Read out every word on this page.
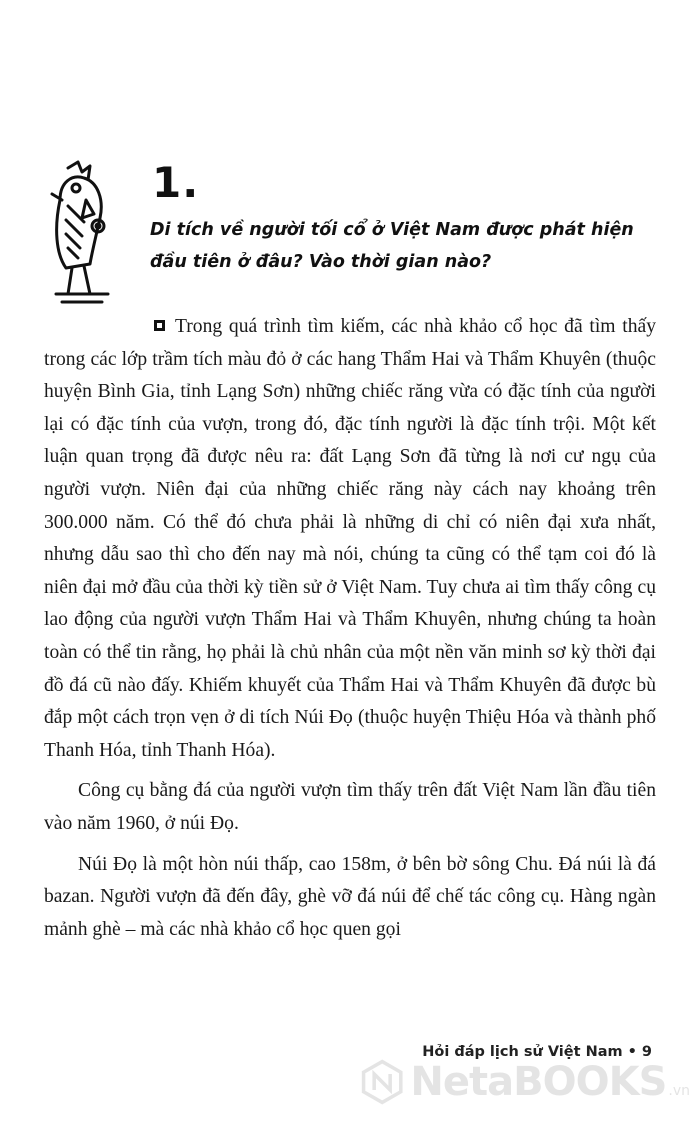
1.
Di tích về người tối cổ ở Việt Nam được phát hiện đầu tiên ở đâu? Vào thời gian nào?

Trong quá trình tìm kiếm, các nhà khảo cổ học đã tìm thấy trong các lớp trầm tích màu đỏ ở các hang Thẩm Hai và Thẩm Khuyên (thuộc huyện Bình Gia, tỉnh Lạng Sơn) những chiếc răng vừa có đặc tính của người lại có đặc tính của vượn, trong đó, đặc tính người là đặc tính trội. Một kết luận quan trọng đã được nêu ra: đất Lạng Sơn đã từng là nơi cư ngụ của người vượn. Niên đại của những chiếc răng này cách nay khoảng trên 300.000 năm. Có thể đó chưa phải là những di chỉ có niên đại xưa nhất, nhưng dẫu sao thì cho đến nay mà nói, chúng ta cũng có thể tạm coi đó là niên đại mở đầu của thời kỳ tiền sử ở Việt Nam. Tuy chưa ai tìm thấy công cụ lao động của người vượn Thẩm Hai và Thẩm Khuyên, nhưng chúng ta hoàn toàn có thể tin rằng, họ phải là chủ nhân của một nền văn minh sơ kỳ thời đại đồ đá cũ nào đấy. Khiếm khuyết của Thẩm Hai và Thẩm Khuyên đã được bù đắp một cách trọn vẹn ở di tích Núi Đọ (thuộc huyện Thiệu Hóa và thành phố Thanh Hóa, tỉnh Thanh Hóa).

Công cụ bằng đá của người vượn tìm thấy trên đất Việt Nam lần đầu tiên vào năm 1960, ở núi Đọ.

Núi Đọ là một hòn núi thấp, cao 158m, ở bên bờ sông Chu. Đá núi là đá bazan. Người vượn đã đến đây, ghè vỡ đá núi để chế tác công cụ. Hàng ngàn mảnh ghè – mà các nhà khảo cổ học quen gọi

Hỏi đáp lịch sử Việt Nam • 9
NetaBOOKS .vn
